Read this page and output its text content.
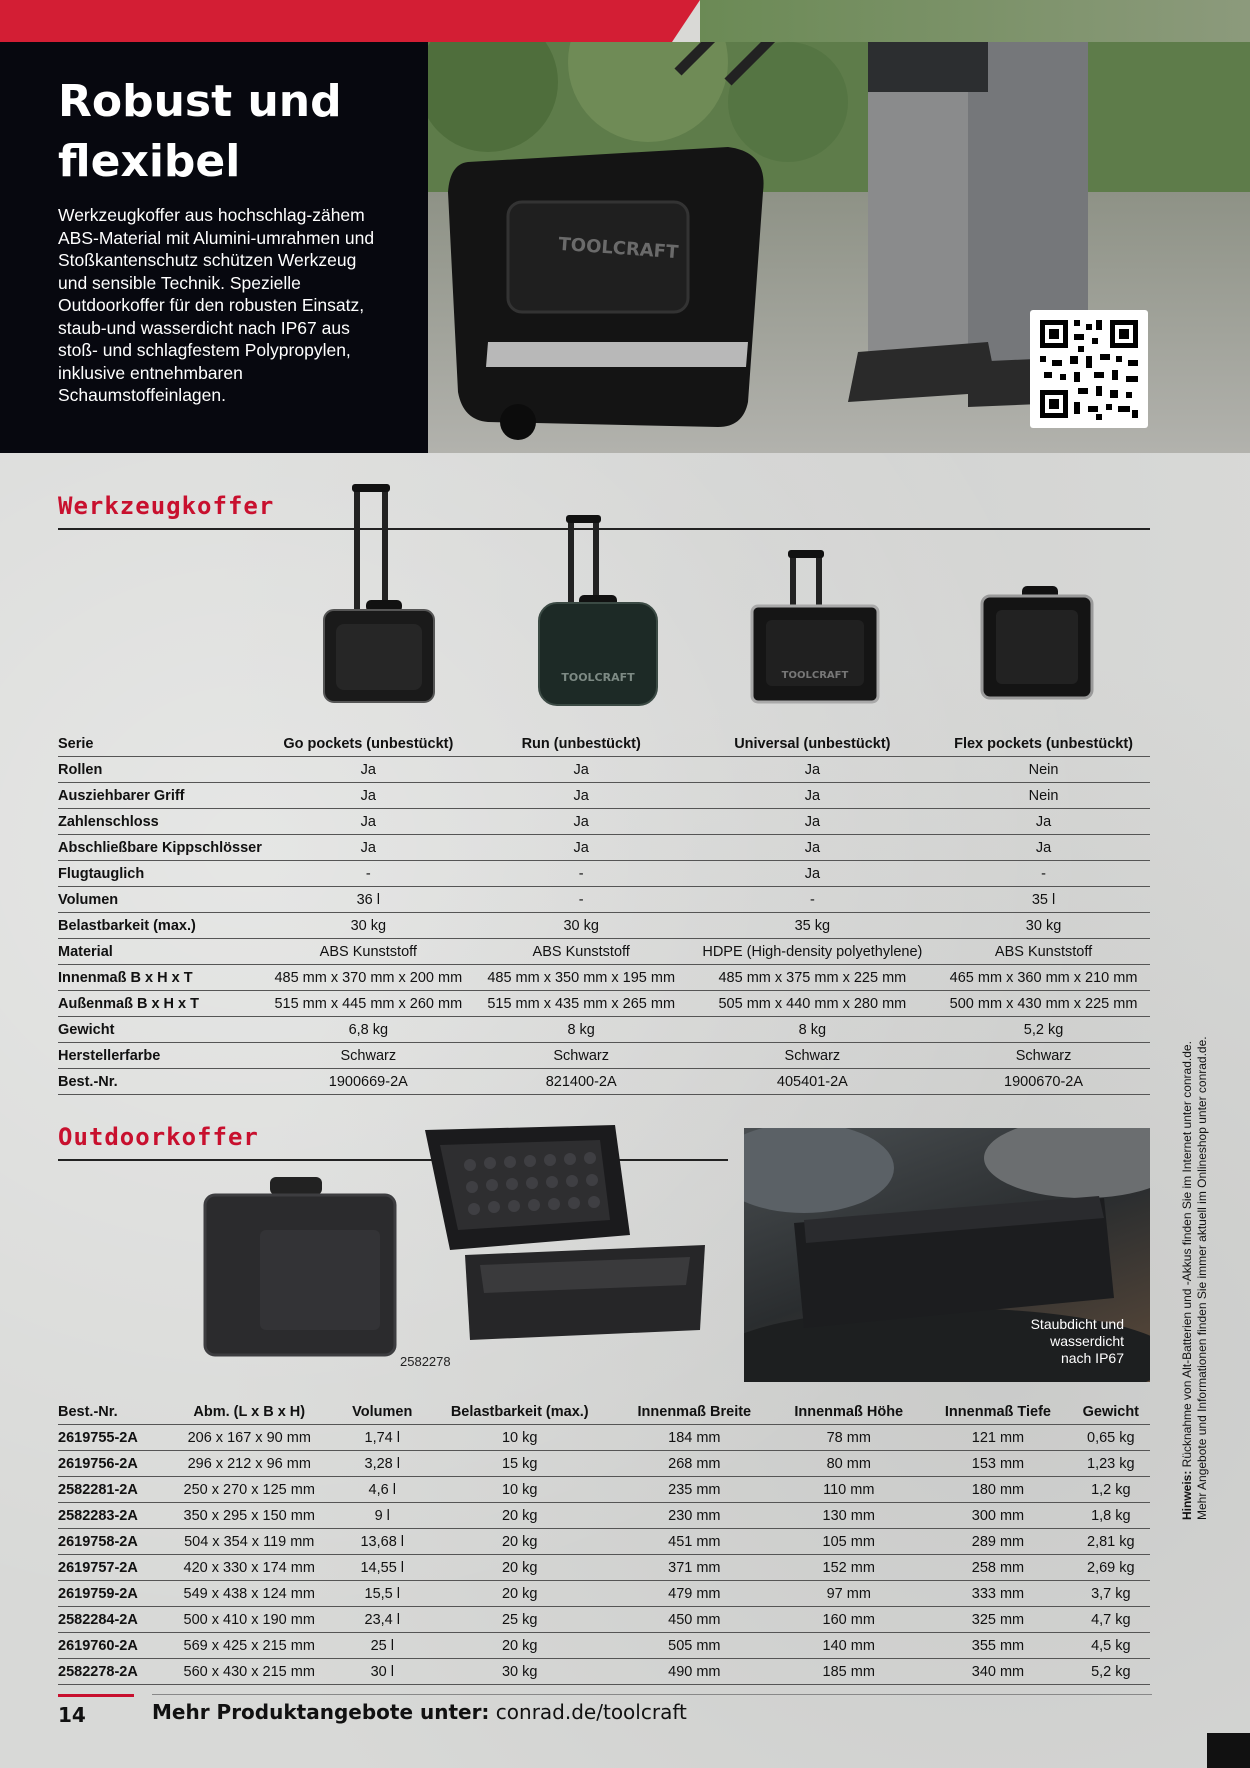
TOOLCRAFT
Robust und flexibel

Werkzeugkoffer aus hochschlag-zähem ABS-Material mit Alumini-umrahmen und Stoßkantenschutz schützen Werkzeug und sensible Technik. Spezielle Outdoorkoffer für den robusten Einsatz, staub-und wasserdicht nach IP67 aus stoß- und schlagfestem Polypropylen, inklusive entnehmbaren Schaumstoffeinlagen.

Werkzeugkoffer
TOOLCRAFT	TOOLCRAFT
Serie	Go pockets (unbestückt)	Run (unbestückt)	Universal (unbestückt)	Flex pockets (unbestückt)
Rollen	Ja	Ja	Ja	Nein
Ausziehbarer Griff	Ja	Ja	Ja	Nein
Zahlenschloss	Ja	Ja	Ja	Ja
Abschließbare Kippschlösser	Ja	Ja	Ja	Ja
Flugtauglich	-	-	Ja	-
Volumen	36 l	-	-	35 l
Belastbarkeit (max.)	30 kg	30 kg	35 kg	30 kg
Material	ABS Kunststoff	ABS Kunststoff	HDPE (High-density polyethylene)	ABS Kunststoff
Innenmaß B x H x T	485 mm x 370 mm x 200 mm	485 mm x 350 mm x 195 mm	485 mm x 375 mm x 225 mm	465 mm x 360 mm x 210 mm
Außenmaß B x H x T	515 mm x 445 mm x 260 mm	515 mm x 435 mm x 265 mm	505 mm x 440 mm x 280 mm	500 mm x 430 mm x 225 mm
Gewicht	6,8 kg	8 kg	8 kg	5,2 kg
Herstellerfarbe	Schwarz	Schwarz	Schwarz	Schwarz
Best.-Nr.	1900669-2A	821400-2A	405401-2A	1900670-2A
Outdoorkoffer
2582278
Staubdicht und wasserdicht nach IP67
Best.-Nr.	Abm. (L x B x H)	Volumen	Belastbarkeit (max.)	Innenmaß Breite	Innenmaß Höhe	Innenmaß Tiefe	Gewicht
2619755-2A	206 x 167 x 90 mm	1,74 l	10 kg	184 mm	78 mm	121 mm	0,65 kg
2619756-2A	296 x 212 x 96 mm	3,28 l	15 kg	268 mm	80 mm	153 mm	1,23 kg
2582281-2A	250 x 270 x 125 mm	4,6 l	10 kg	235 mm	110 mm	180 mm	1,2 kg
2582283-2A	350 x 295 x 150 mm	9 l	20 kg	230 mm	130 mm	300 mm	1,8 kg
2619758-2A	504 x 354 x 119 mm	13,68 l	20 kg	451 mm	105 mm	289 mm	2,81 kg
2619757-2A	420 x 330 x 174 mm	14,55 l	20 kg	371 mm	152 mm	258 mm	2,69 kg
2619759-2A	549 x 438 x 124 mm	15,5 l	20 kg	479 mm	97 mm	333 mm	3,7 kg
2582284-2A	500 x 410 x 190 mm	23,4 l	25 kg	450 mm	160 mm	325 mm	4,7 kg
2619760-2A	569 x 425 x 215 mm	25 l	20 kg	505 mm	140 mm	355 mm	4,5 kg
2582278-2A	560 x 430 x 215 mm	30 l	30 kg	490 mm	185 mm	340 mm	5,2 kg
Hinweis: Rücknahme von Alt-Batterien und -Akkus finden Sie im Internet unter conrad.de. Mehr Angebote und Informationen finden Sie immer aktuell im Onlineshop unter conrad.de.
14	Mehr Produktangebote unter: conrad.de/toolcraft
